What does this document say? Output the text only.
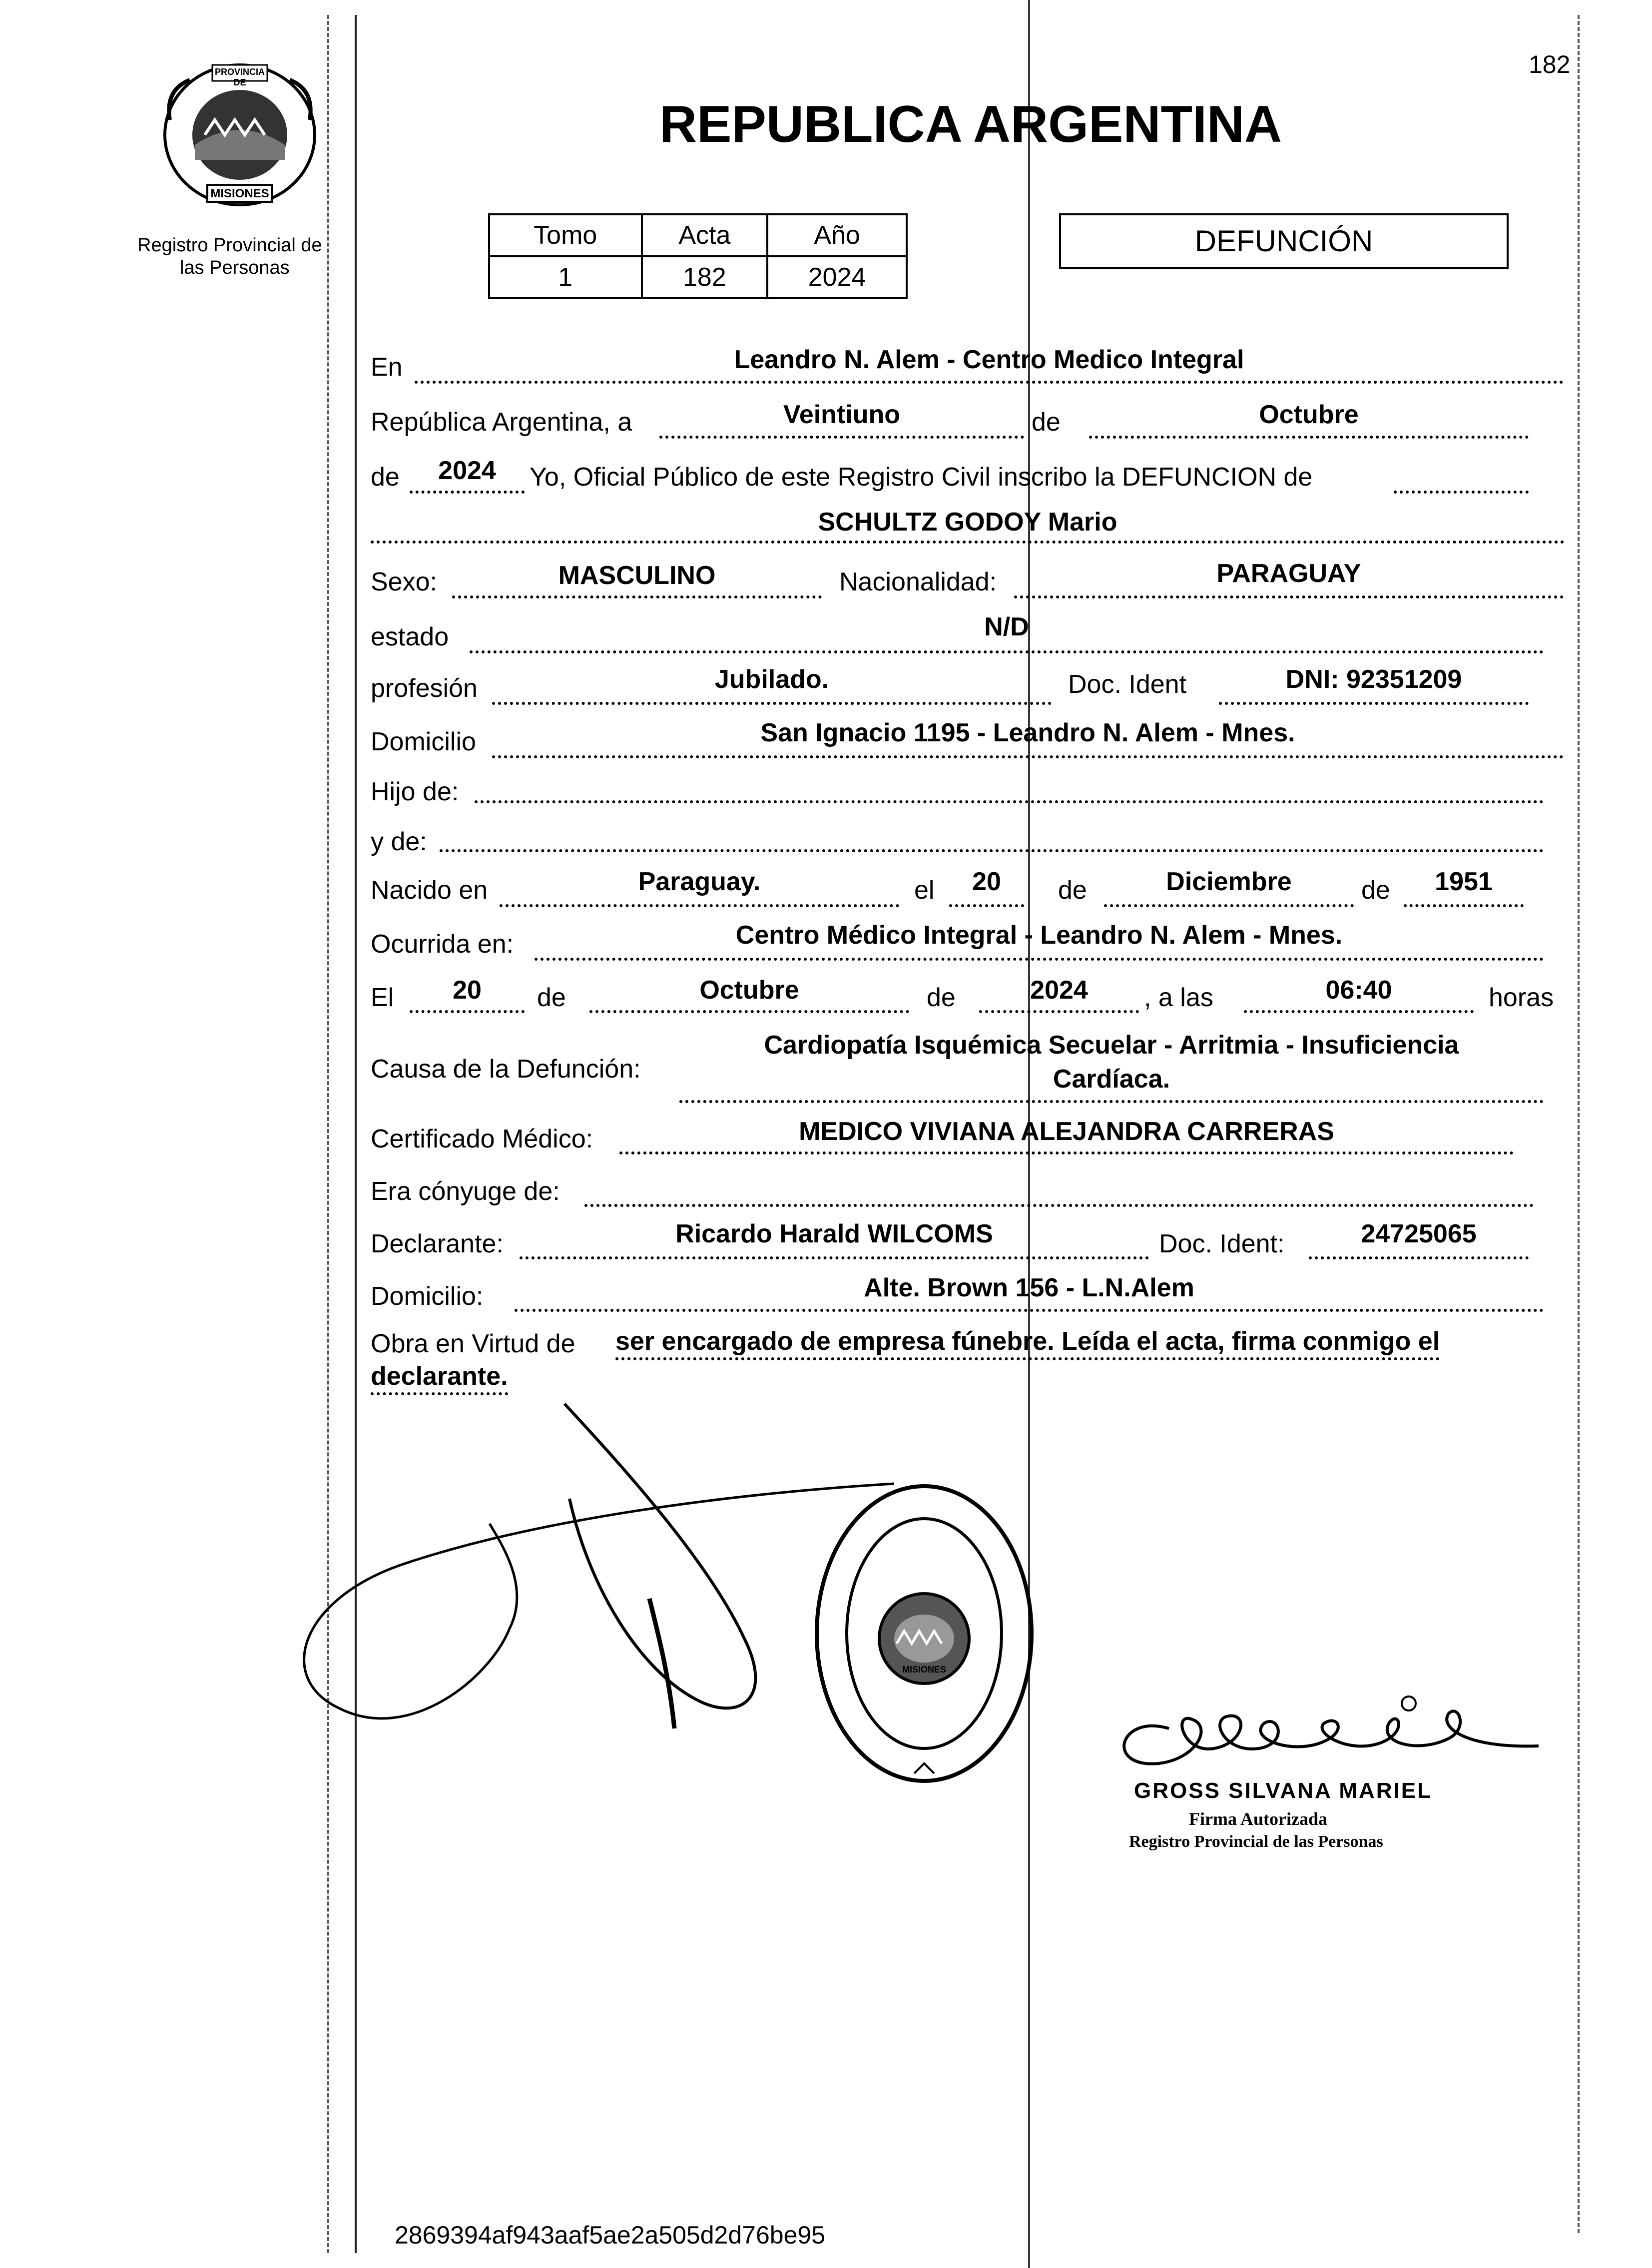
182
PROVINCIA DE
MISIONES
Registro Provincial de
las Personas
REPUBLICA ARGENTINA
Tomo	Acta	Año
1	182	2024
DEFUNCIÓN
En	Leandro N. Alem - Centro Medico Integral
República Argentina, a	Veintiuno	de	Octubre
de	2024	Yo, Oficial Público de este Registro Civil inscribo la DEFUNCION de
SCHULTZ GODOY Mario
Sexo:	MASCULINO	Nacionalidad:	PARAGUAY
estado	N/D
profesión	Jubilado.	Doc. Ident	DNI: 92351209
Domicilio	San Ignacio 1195 - Leandro N. Alem - Mnes.
Hijo de:
y de:
Nacido en	Paraguay.	el	20	de	Diciembre	de	1951
Ocurrida en:	Centro Médico Integral - Leandro N. Alem - Mnes.
El	20	de	Octubre	de	2024	, a las	06:40	horas
Causa de la Defunción:
Cardiopatía Isquémica Secuelar - Arritmia - Insuficiencia
Cardíaca.
Certificado Médico:	MEDICO VIVIANA ALEJANDRA CARRERAS
Era cónyuge de:
Declarante:	Ricardo Harald WILCOMS	Doc. Ident:	24725065
Domicilio:	Alte. Brown 156 - L.N.Alem
Obra en Virtud de ser encargado de empresa fúnebre. Leída el acta, firma conmigo el
declarante.
MISIONES
GROSS SILVANA MARIEL
Firma Autorizada
Registro Provincial de las Personas
2869394af943aaf5ae2a505d2d76be95
